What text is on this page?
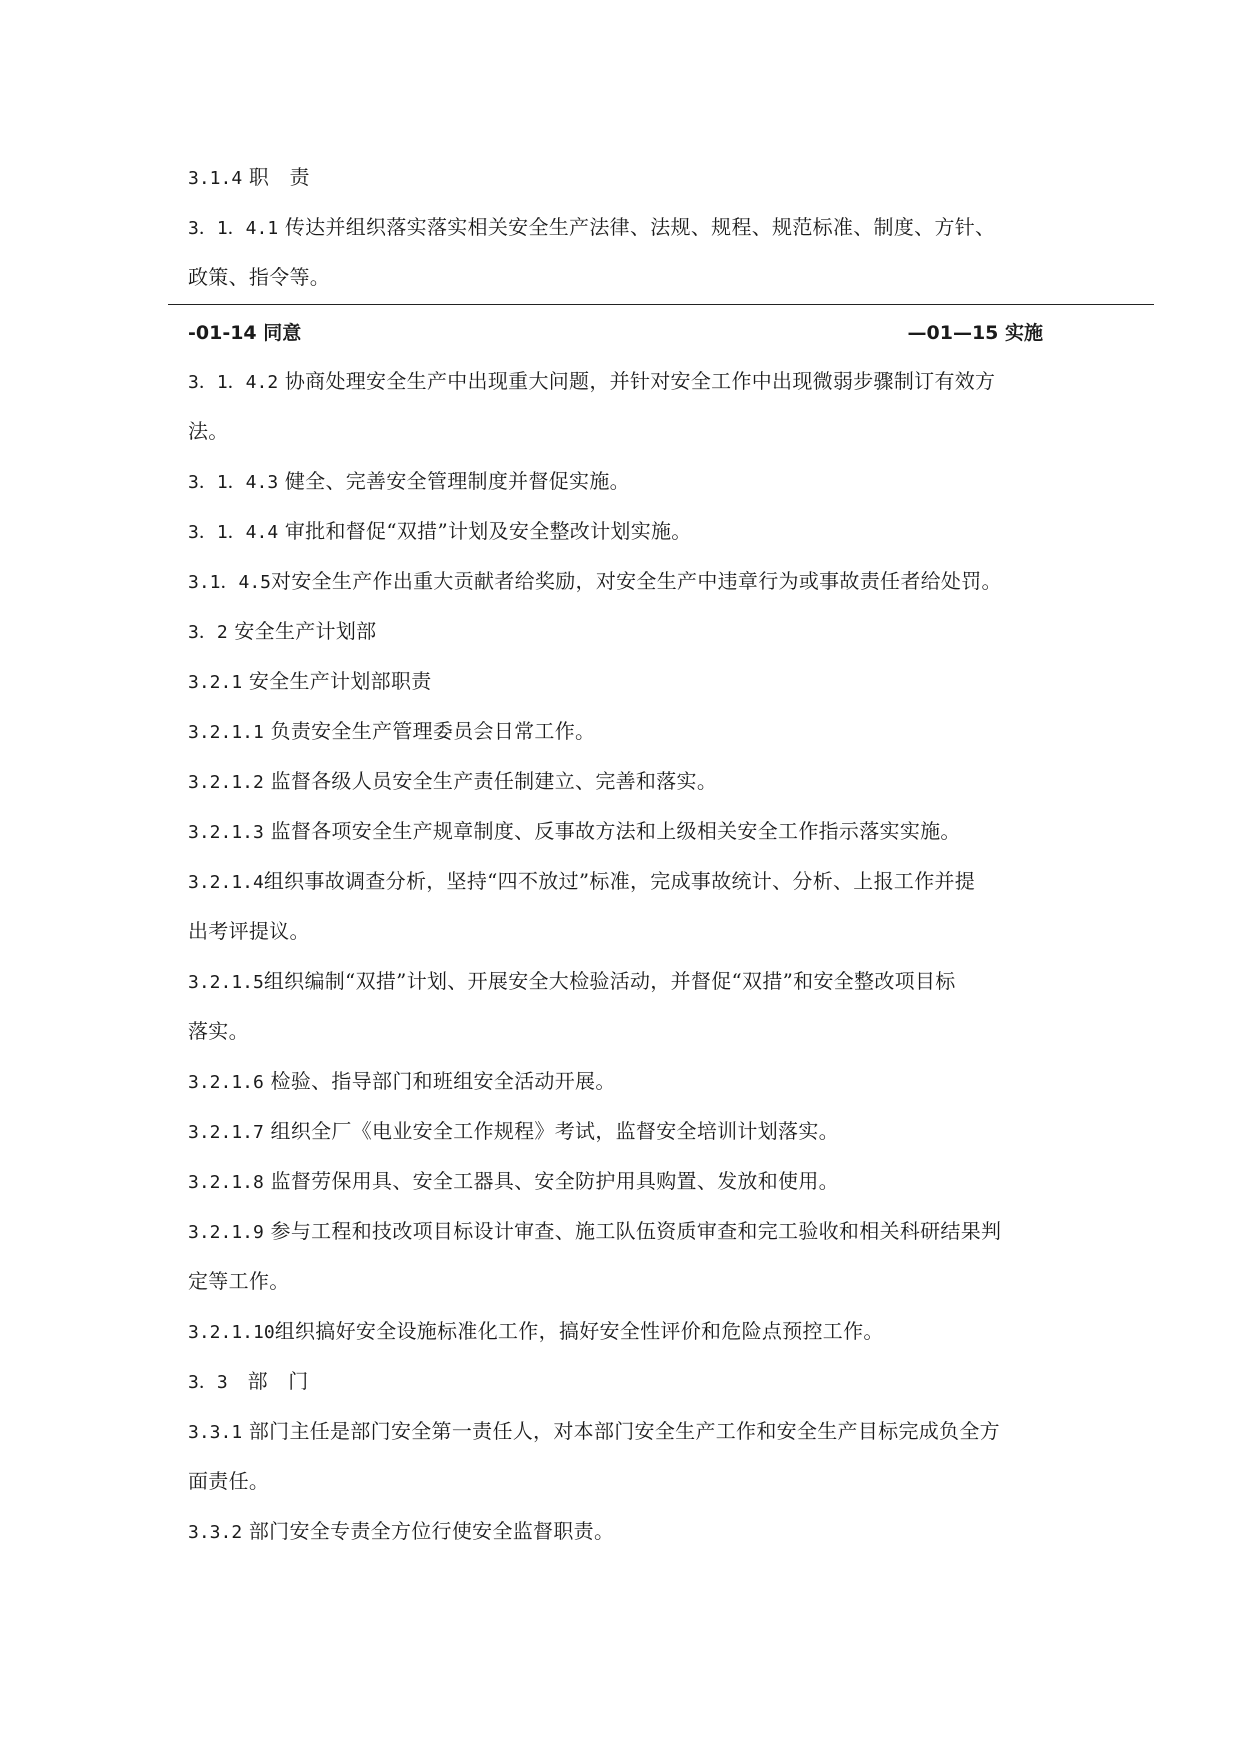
3.1.4 职　责
3．1．4.1 传达并组织落实落实相关安全生产法律、法规、规程、规范标准、制度、方针、
政策、指令等。
-01-14 同意	—01—15 实施
3．1．4.2 协商处理安全生产中出现重大问题，并针对安全工作中出现微弱步骤制订有效方
法。
3．1．4.3 健全、完善安全管理制度并督促实施。
3．1．4.4 审批和督促“双措”计划及安全整改计划实施。
3.1．4.5对安全生产作出重大贡献者给奖励，对安全生产中违章行为或事故责任者给处罚。
3．2 安全生产计划部
3.2.1 安全生产计划部职责
3.2.1.1 负责安全生产管理委员会日常工作。
3.2.1.2 监督各级人员安全生产责任制建立、完善和落实。
3.2.1.3 监督各项安全生产规章制度、反事故方法和上级相关安全工作指示落实实施。
3.2.1.4组织事故调查分析，坚持“四不放过”标准，完成事故统计、分析、上报工作并提
出考评提议。
3.2.1.5组织编制“双措”计划、开展安全大检验活动，并督促“双措”和安全整改项目标
落实。
3.2.1.6 检验、指导部门和班组安全活动开展。
3.2.1.7 组织全厂《电业安全工作规程》考试，监督安全培训计划落实。
3.2.1.8 监督劳保用具、安全工器具、安全防护用具购置、发放和使用。
3.2.1.9 参与工程和技改项目标设计审查、施工队伍资质审查和完工验收和相关科研结果判
定等工作。
3.2.1.10组织搞好安全设施标准化工作，搞好安全性评价和危险点预控工作。
3．3 部　门
3.3.1 部门主任是部门安全第一责任人，对本部门安全生产工作和安全生产目标完成负全方
面责任。
3.3.2 部门安全专责全方位行使安全监督职责。
